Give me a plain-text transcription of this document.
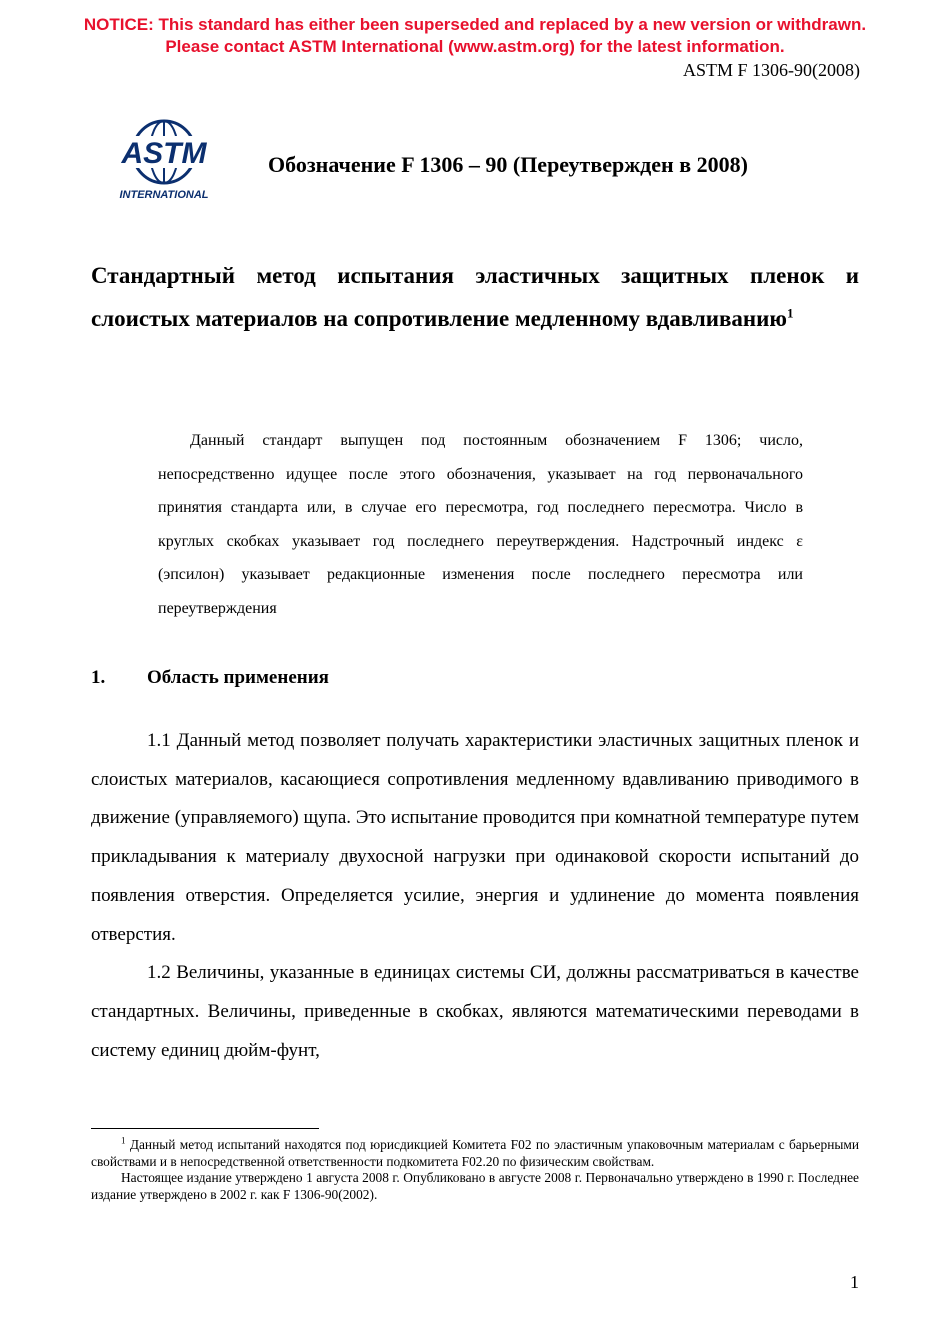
NOTICE: This standard has either been superseded and replaced by a new version or withdrawn.
Please contact ASTM International (www.astm.org) for the latest information.
ASTM F 1306-90(2008)
ASTM
INTERNATIONAL
Обозначение F 1306 – 90 (Переутвержден в 2008)
Стандартный метод испытания эластичных защитных пленок и слоистых материалов на сопротивление медленному вдавливанию$^1$
Данный стандарт выпущен под постоянным обозначением F 1306; число, непосредственно идущее после этого обозначения, указывает на год первоначального принятия стандарта или, в случае его пересмотра, год последнего пересмотра. Число в круглых скобках указывает год последнего переутверждения. Надстрочный индекс ε (эпсилон) указывает редакционные изменения после последнего пересмотра или переутверждения
1. Область применения

1.1 Данный метод позволяет получать характеристики эластичных защитных пленок и слоистых материалов, касающиеся сопротивления медленному вдавливанию приводимого в движение (управляемого) щупа. Это испытание проводится при комнатной температуре путем прикладывания к материалу двухосной нагрузки при одинаковой скорости испытаний до появления отверстия. Определяется усилие, энергия и удлинение до момента появления отверстия.

1.2 Величины, указанные в единицах системы СИ, должны рассматриваться в качестве стандартных. Величины, приведенные в скобках, являются математическими переводами в систему единиц дюйм-фунт,

$^1$ Данный метод испытаний находятся под юрисдикцией Комитета F02 по эластичным упаковочным материалам с барьерными свойствами и в непосредственной ответственности подкомитета F02.20 по физическим свойствам.

Настоящее издание утверждено 1 августа 2008 г. Опубликовано в августе 2008 г. Первоначально утверждено в 1990 г. Последнее издание утверждено в 2002 г. как F 1306-90(2002).

1
